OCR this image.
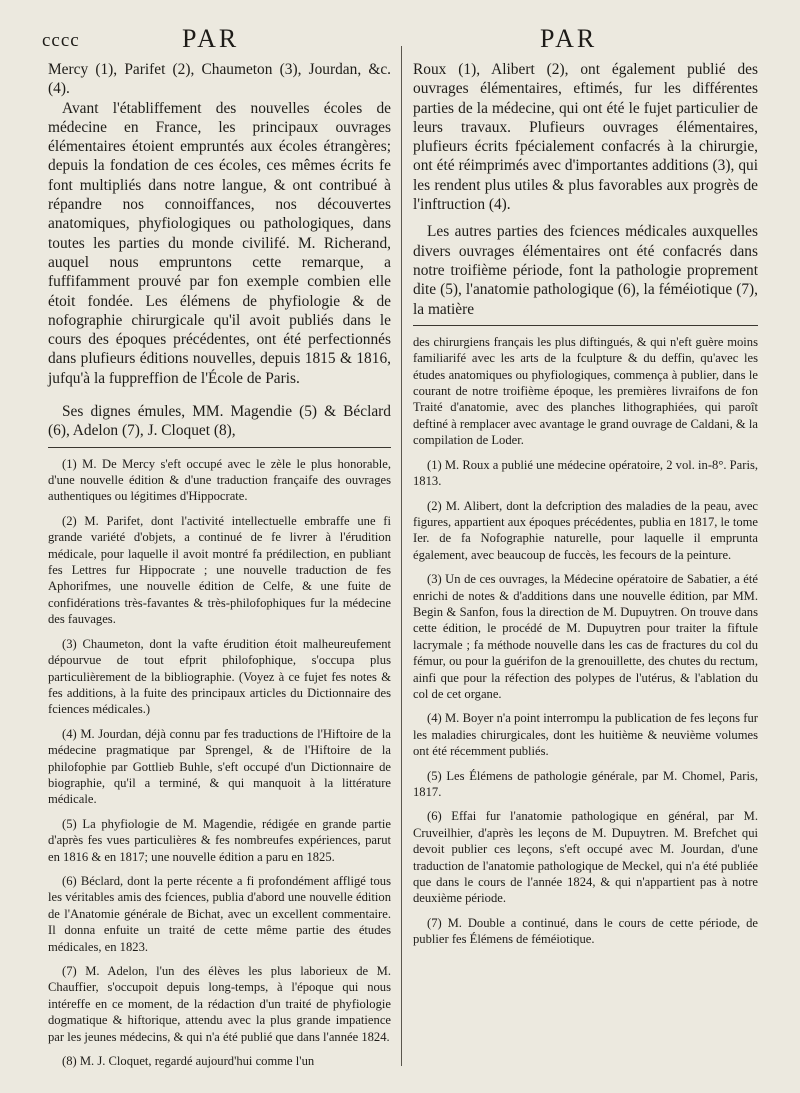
cccc	PAR	PAR

Mercy (1), Parifet (2), Chaumeton (3), Jourdan, &c. (4).

Avant l'établiffement des nouvelles écoles de médecine en France, les principaux ouvrages élémentaires étoient empruntés aux écoles étrangères; depuis la fondation de ces écoles, ces mêmes écrits fe font multipliés dans notre langue, & ont contribué à répandre nos connoiffances, nos découvertes anatomiques, phyfiologiques ou pathologiques, dans toutes les parties du monde civilifé. M. Richerand, auquel nous empruntons cette remarque, a fuffifamment prouvé par fon exemple combien elle étoit fondée. Les élémens de phyfiologie & de nofographie chirurgicale qu'il avoit publiés dans le cours des époques précédentes, ont été perfectionnés dans plufieurs éditions nouvelles, depuis 1815 & 1816, jufqu'à la fuppreffion de l'École de Paris.

Ses dignes émules, MM. Magendie (5) & Béclard (6), Adelon (7), J. Cloquet (8),

(1) M. De Mercy s'eft occupé avec le zèle le plus honorable, d'une nouvelle édition & d'une traduction françaife des ouvrages authentiques ou légitimes d'Hippocrate.

(2) M. Parifet, dont l'activité intellectuelle embraffe une fi grande variété d'objets, a continué de fe livrer à l'érudition médicale, pour laquelle il avoit montré fa prédilection, en publiant fes Lettres fur Hippocrate ; une nouvelle traduction de fes Aphorifmes, une nouvelle édition de Celfe, & une fuite de confidérations très-favantes & très-philofophiques fur la médecine des fauvages.

(3) Chaumeton, dont la vafte érudition étoit malheureufement dépourvue de tout efprit philofophique, s'occupa plus particulièrement de la bibliographie. (Voyez à ce fujet fes notes & fes additions, à la fuite des principaux articles du Dictionnaire des fciences médicales.)

(4) M. Jourdan, déjà connu par fes traductions de l'Hiftoire de la médecine pragmatique par Sprengel, & de l'Hiftoire de la philofophie par Gottlieb Buhle, s'eft occupé d'un Dictionnaire de biographie, qu'il a terminé, & qui manquoit à la littérature médicale.

(5) La phyfiologie de M. Magendie, rédigée en grande partie d'après fes vues particulières & fes nombreufes expériences, parut en 1816 & en 1817; une nouvelle édition a paru en 1825.

(6) Béclard, dont la perte récente a fi profondément affligé tous les véritables amis des fciences, publia d'abord une nouvelle édition de l'Anatomie générale de Bichat, avec un excellent commentaire. Il donna enfuite un traité de cette même partie des études médicales, en 1823.

(7) M. Adelon, l'un des élèves les plus laborieux de M. Chauffier, s'occupoit depuis long-temps, à l'époque qui nous intéreffe en ce moment, de la rédaction d'un traité de phyfiologie dogmatique & hiftorique, attendu avec la plus grande impatience par les jeunes médecins, & qui n'a été publié que dans l'année 1824.

(8) M. J. Cloquet, regardé aujourd'hui comme l'un

Roux (1), Alibert (2), ont également publié des ouvrages élémentaires, eftimés, fur les différentes parties de la médecine, qui ont été le fujet particulier de leurs travaux. Plufieurs ouvrages élémentaires, plufieurs écrits fpécialement confacrés à la chirurgie, ont été réimprimés avec d'importantes additions (3), qui les rendent plus utiles & plus favorables aux progrès de l'inftruction (4).

Les autres parties des fciences médicales auxquelles divers ouvrages élémentaires ont été confacrés dans notre troifième période, font la pathologie proprement dite (5), l'anatomie pathologique (6), la féméiotique (7), la matière

des chirurgiens français les plus diftingués, & qui n'eft guère moins familiarifé avec les arts de la fculpture & du deffin, qu'avec les études anatomiques ou phyfiologiques, commença à publier, dans le courant de notre troifième époque, les premières livraifons de fon Traité d'anatomie, avec des planches lithographiées, qui paroît deftiné à remplacer avec avantage le grand ouvrage de Caldani, & la compilation de Loder.

(1) M. Roux a publié une médecine opératoire, 2 vol. in-8°. Paris, 1813.

(2) M. Alibert, dont la defcription des maladies de la peau, avec figures, appartient aux époques précédentes, publia en 1817, le tome Ier. de fa Nofographie naturelle, pour laquelle il emprunta également, avec beaucoup de fuccès, les fecours de la peinture.

(3) Un de ces ouvrages, la Médecine opératoire de Sabatier, a été enrichi de notes & d'additions dans une nouvelle édition, par MM. Begin & Sanfon, fous la direction de M. Dupuytren. On trouve dans cette édition, le procédé de M. Dupuytren pour traiter la fiftule lacrymale ; fa méthode nouvelle dans les cas de fractures du col du fémur, ou pour la guérifon de la grenouillette, des chutes du rectum, ainfi que pour la réfection des polypes de l'utérus, & l'ablation du col de cet organe.

(4) M. Boyer n'a point interrompu la publication de fes leçons fur les maladies chirurgicales, dont les huitième & neuvième volumes ont été récemment publiés.

(5) Les Élémens de pathologie générale, par M. Chomel, Paris, 1817.

(6) Effai fur l'anatomie pathologique en général, par M. Cruveilhier, d'après les leçons de M. Dupuytren. M. Brefchet qui devoit publier ces leçons, s'eft occupé avec M. Jourdan, d'une traduction de l'anatomie pathologique de Meckel, qui n'a été publiée que dans le cours de l'année 1824, & qui n'appartient pas à notre deuxième période.

(7) M. Double a continué, dans le cours de cette période, de publier fes Élémens de féméiotique.
